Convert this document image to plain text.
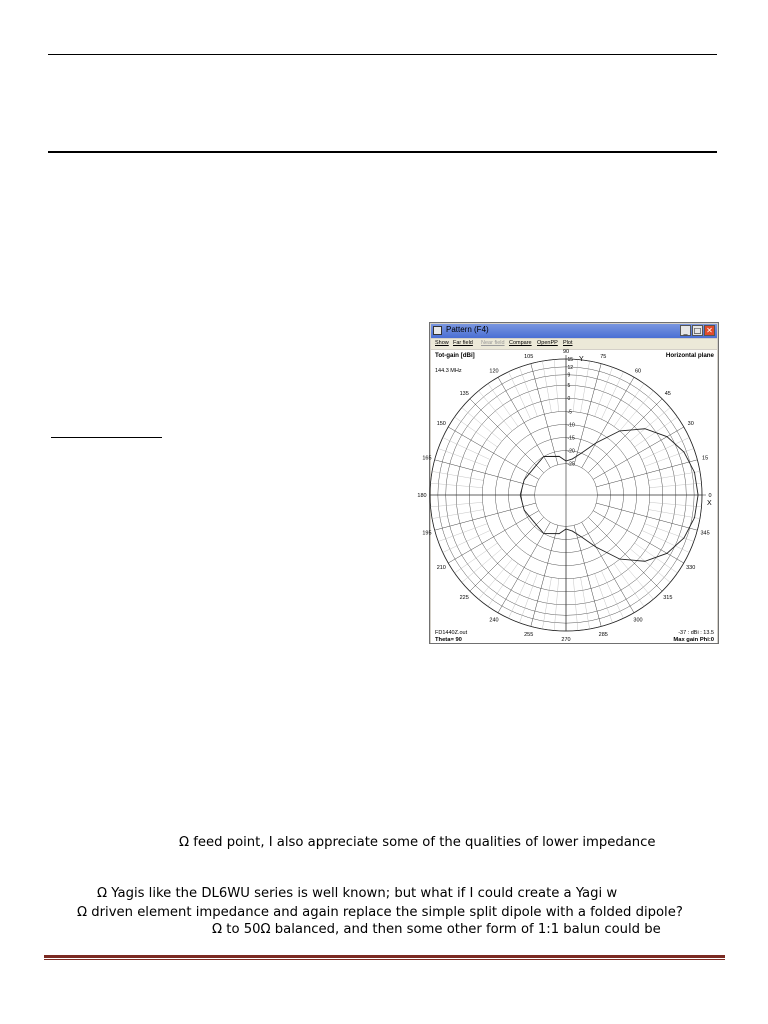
Pattern (F4)	_ □ ✕
Show Far field Near field Compare OpenPP Plot
0
15
30
45
60
75
90
105
120
135
150
165
180
195
210
225
240
255
270
285
300
315
330
345
15
12
9
5
0
-5
-10
-15
-20
-25
Tot-gain [dBi]	Horizontal plane
144.3 MHz
FD1440Z.out
Theta= 90
-37 : dBi : 13.5
Max gain Phi:0
Y
X
Ω feed point, I also appreciate some of the qualities of lower impedance
Ω Yagis like the DL6WU series is well known; but what if I could create a Yagi w
Ω driven element impedance and again replace the simple split dipole with a folded dipole?
Ω to 50Ω balanced, and then some other form of 1:1 balun could be
